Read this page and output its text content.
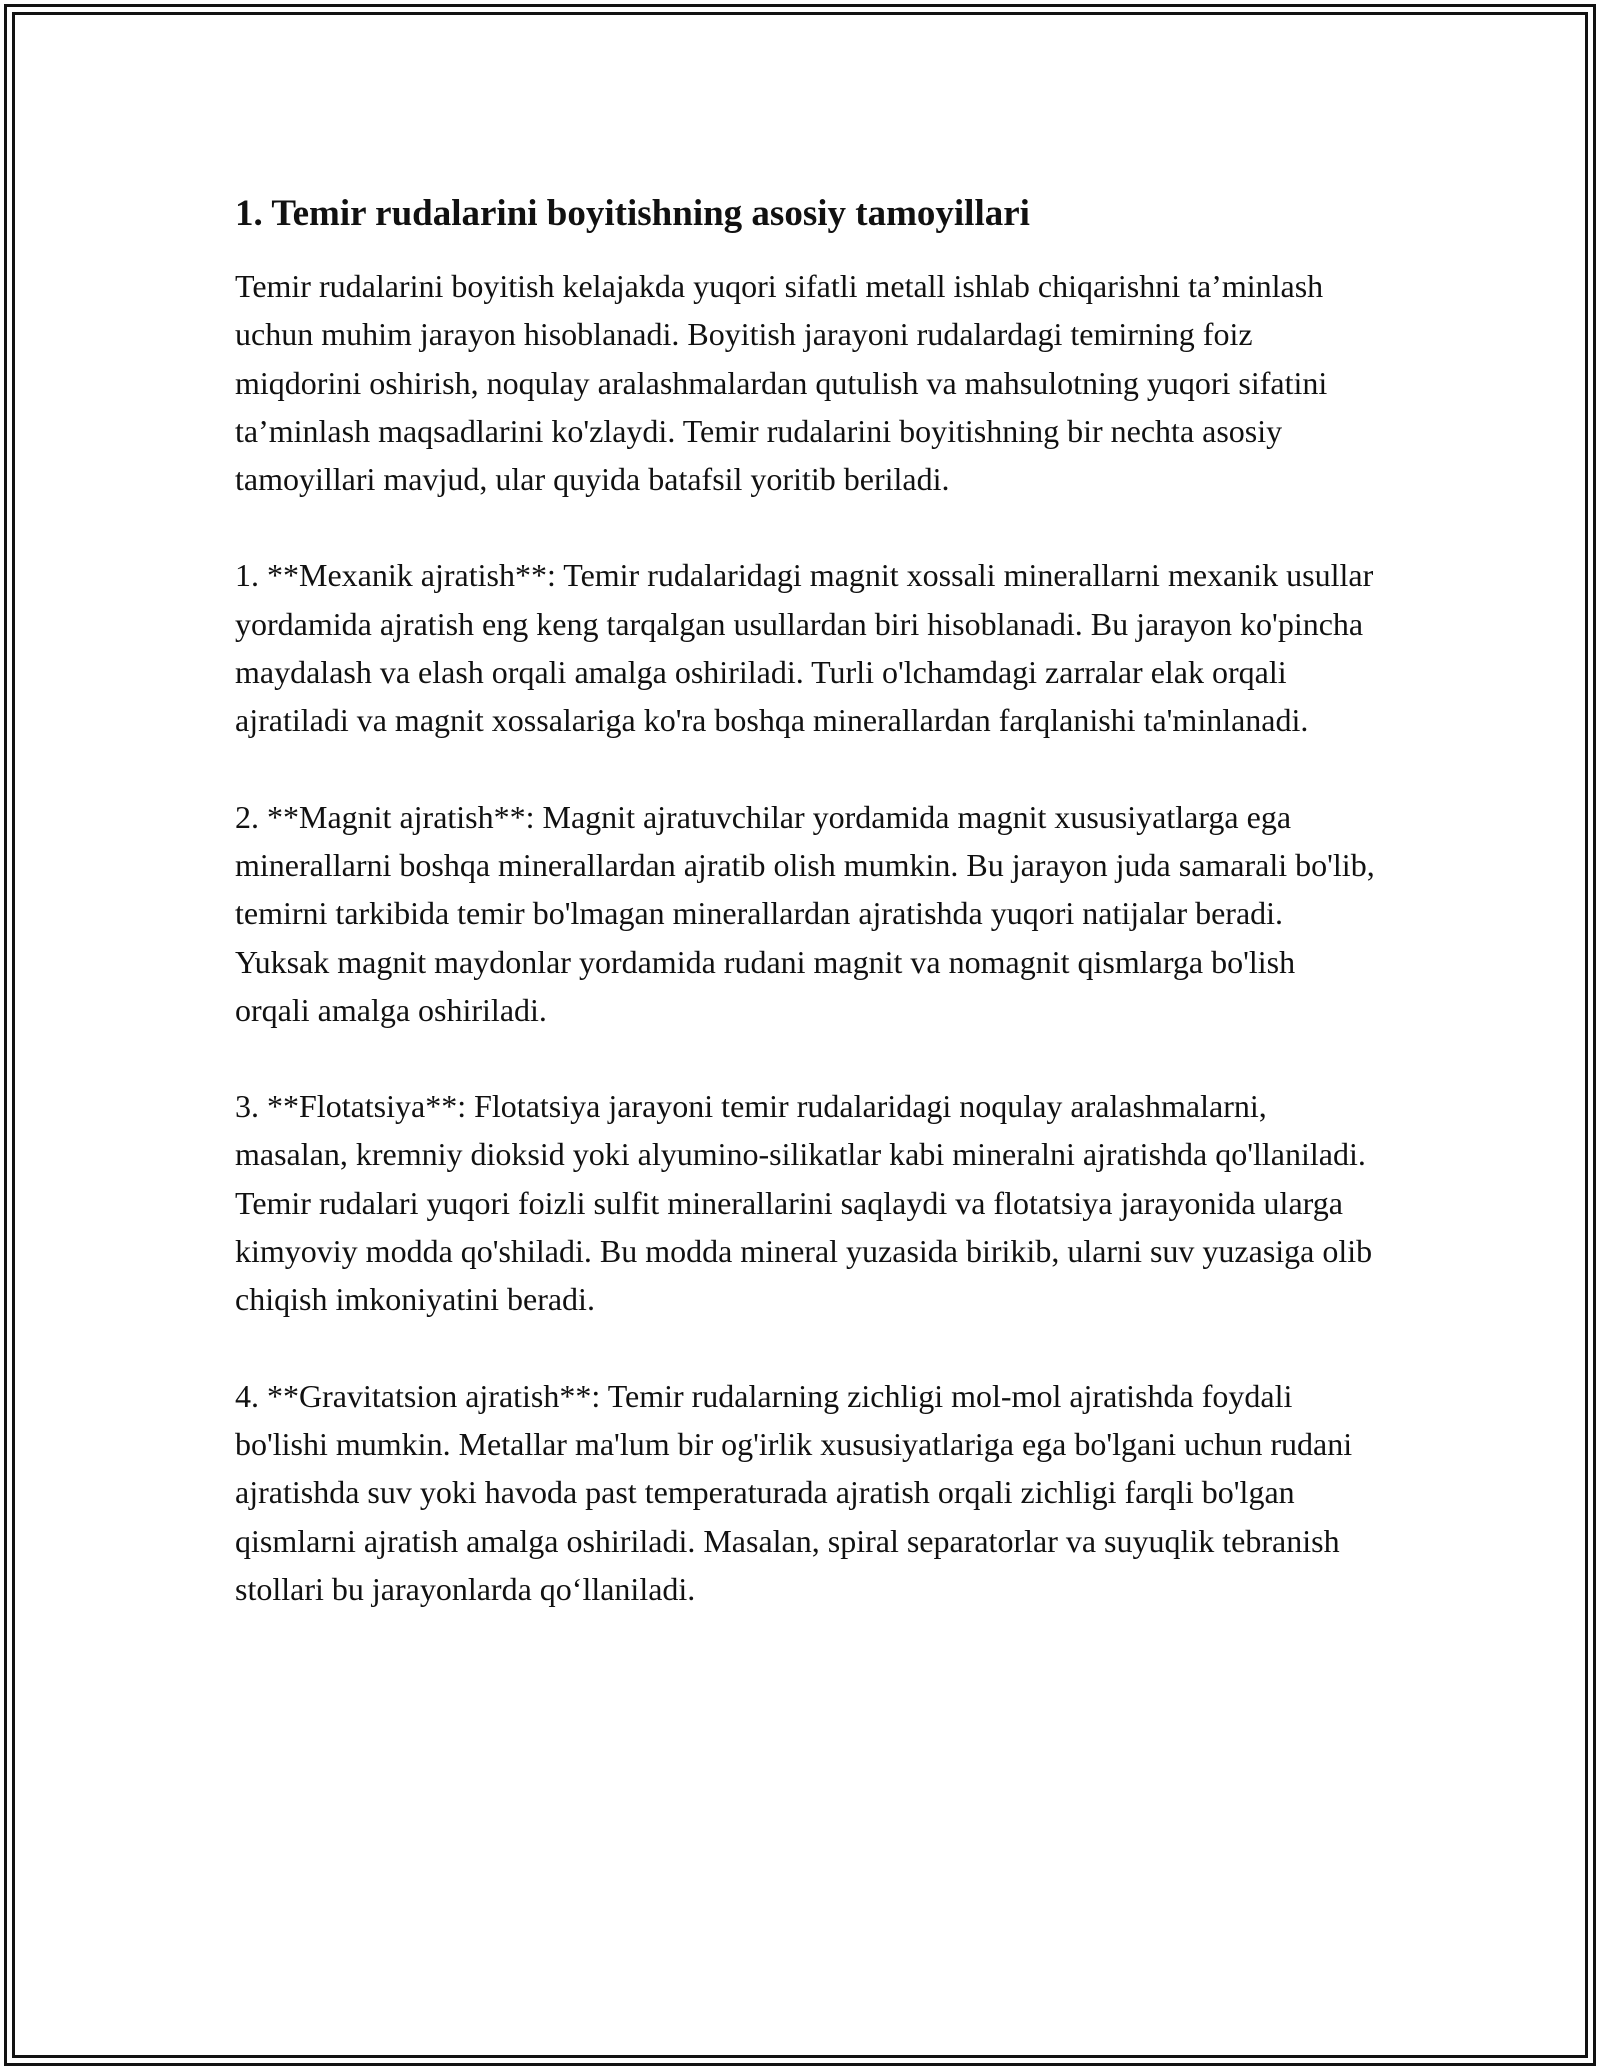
1. Temir rudalarini boyitishning asosiy tamoyillari

Temir rudalarini boyitish kelajakda yuqori sifatli metall ishlab chiqarishni ta’minlash uchun muhim jarayon hisoblanadi. Boyitish jarayoni rudalardagi temirning foiz miqdorini oshirish, noqulay aralashmalardan qutulish va mahsulotning yuqori sifatini ta’minlash maqsadlarini ko'zlaydi. Temir rudalarini boyitishning bir nechta asosiy tamoyillari mavjud, ular quyida batafsil yoritib beriladi.

1. **Mexanik ajratish**: Temir rudalaridagi magnit xossali minerallarni mexanik usullar yordamida ajratish eng keng tarqalgan usullardan biri hisoblanadi. Bu jarayon ko'pincha maydalash va elash orqali amalga oshiriladi. Turli o'lchamdagi zarralar elak orqali ajratiladi va magnit xossalariga ko'ra boshqa minerallardan farqlanishi ta'minlanadi.

2. **Magnit ajratish**: Magnit ajratuvchilar yordamida magnit xususiyatlarga ega minerallarni boshqa minerallardan ajratib olish mumkin. Bu jarayon juda samarali bo'lib, temirni tarkibida temir bo'lmagan minerallardan ajratishda yuqori natijalar beradi. Yuksak magnit maydonlar yordamida rudani magnit va nomagnit qismlarga bo'lish orqali amalga oshiriladi.

3. **Flotatsiya**: Flotatsiya jarayoni temir rudalaridagi noqulay aralashmalarni, masalan, kremniy dioksid yoki alyumino-silikatlar kabi mineralni ajratishda qo'llaniladi. Temir rudalari yuqori foizli sulfit minerallarini saqlaydi va flotatsiya jarayonida ularga kimyoviy modda qo'shiladi. Bu modda mineral yuzasida birikib, ularni suv yuzasiga olib chiqish imkoniyatini beradi.

4. **Gravitatsion ajratish**: Temir rudalarning zichligi mol-mol ajratishda foydali bo'lishi mumkin. Metallar ma'lum bir og'irlik xususiyatlariga ega bo'lgani uchun rudani ajratishda suv yoki havoda past temperaturada ajratish orqali zichligi farqli bo'lgan qismlarni ajratish amalga oshiriladi. Masalan, spiral separatorlar va suyuqlik tebranish stollari bu jarayonlarda qo‘llaniladi.
